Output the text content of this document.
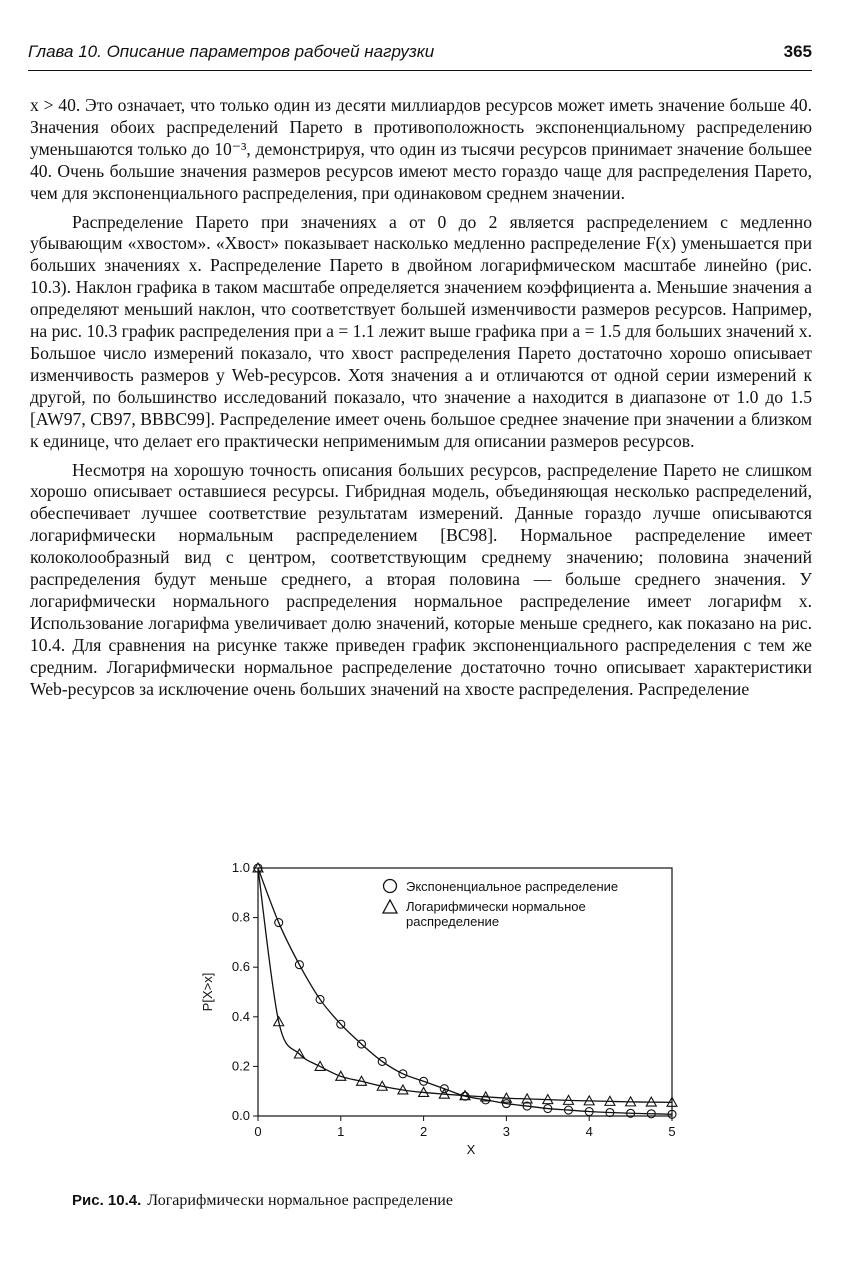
Глава 10. Описание параметров рабочей нагрузки	365

x > 40. Это означает, что только один из десяти миллиардов ресурсов может иметь значение больше 40. Значения обоих распределений Парето в противоположность экспоненциальному распределению уменьшаются только до 10⁻³, демонстрируя, что один из тысячи ресурсов принимает значение большее 40. Очень большие значения размеров ресурсов имеют место гораздо чаще для распределения Парето, чем для экспоненциального распределения, при одинаковом среднем значении.

Распределение Парето при значениях a от 0 до 2 является распределением с медленно убывающим «хвостом». «Хвост» показывает насколько медленно распределение F(x) уменьшается при больших значениях x. Распределение Парето в двойном логарифмическом масштабе линейно (рис. 10.3). Наклон графика в таком масштабе определяется значением коэффициента a. Меньшие значения a определяют меньший наклон, что соответствует большей изменчивости размеров ресурсов. Например, на рис. 10.3 график распределения при a = 1.1 лежит выше графика при a = 1.5 для больших значений x. Большое число измерений показало, что хвост распределения Парето достаточно хорошо описывает изменчивость размеров у Web-ресурсов. Хотя значения a и отличаются от одной серии измерений к другой, по большинство исследований показало, что значение a находится в диапазоне от 1.0 до 1.5 [AW97, CB97, BBBC99]. Распределение имеет очень большое среднее значение при значении a близком к единице, что делает его практически неприменимым для описании размеров ресурсов.

Несмотря на хорошую точность описания больших ресурсов, распределение Парето не слишком хорошо описывает оставшиеся ресурсы. Гибридная модель, объединяющая несколько распределений, обеспечивает лучшее соответствие результатам измерений. Данные гораздо лучше описываются логарифмически нормальным распределением [BC98]. Нормальное распределение имеет колоколообразный вид с центром, соответствующим среднему значению; половина значений распределения будут меньше среднего, а вторая половина — больше среднего значения. У логарифмически нормального распределения нормальное распределение имеет логарифм x. Использование логарифма увеличивает долю значений, которые меньше среднего, как показано на рис. 10.4. Для сравнения на рисунке также приведен график экспоненциального распределения с тем же средним. Логарифмически нормальное распределение достаточно точно описывает характеристики Web-ресурсов за исключение очень больших значений на хвосте распределения. Распределение

0.0
0.2
0.4
0.6
0.8
1.0
0	1	2	3	4	5
X
P[X>x]
Экспоненциальное распределение
Логарифмически нормальное распределение
Рис. 10.4. Логарифмически нормальное распределение
